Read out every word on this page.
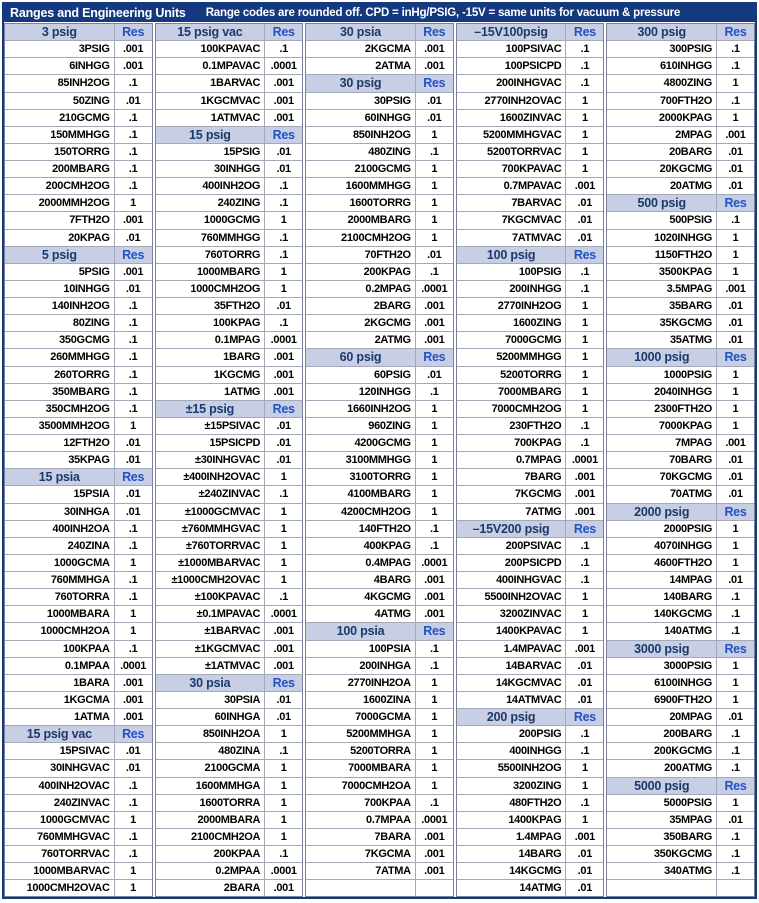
Ranges and Engineering Units Range codes are rounded off. CPD = inHg/PSIG, -15V = same units for vacuum & pressure
3 psig	Res
3PSIG	.001
6INHGG	.001
85INH2OG	.1
50ZING	.01
210GCMG	.1
150MMHGG	.1
150TORRG	.1
200MBARG	.1
200CMH2OG	.1
2000MMH2OG	1
7FTH2O	.001
20KPAG	.01
5 psig	Res
5PSIG	.001
10INHGG	.01
140INH2OG	.1
80ZING	.1
350GCMG	.1
260MMHGG	.1
260TORRG	.1
350MBARG	.1
350CMH2OG	.1
3500MMH2OG	1
12FTH2O	.01
35KPAG	.01
15 psia	Res
15PSIA	.01
30INHGA	.01
400INH2OA	.1
240ZINA	.1
1000GCMA	1
760MMHGA	.1
760TORRA	.1
1000MBARA	1
1000CMH2OA	1
100KPAA	.1
0.1MPAA .0001
1BARA	.001
1KGCMA	.001
1ATMA	.001
15 psig vac	Res
15PSIVAC	.01
30INHGVAC	.01
400INH2OVAC	.1
240ZINVAC	.1
1000GCMVAC	1
760MMHGVAC	.1
760TORRVAC	.1
1000MBARVAC	1
1000CMH2OVAC	1
15 psig vac	Res
100KPAVAC	.1
0.1MPAVAC .0001
1BARVAC	.001
1KGCMVAC	.001
1ATMVAC	.001
15 psig	Res
15PSIG	.01
30INHGG	.01
400INH2OG	.1
240ZING	.1
1000GCMG	1
760MMHGG	.1
760TORRG	.1
1000MBARG	1
1000CMH2OG	1
35FTH2O	.01
100KPAG	.1
0.1MPAG .0001
1BARG	.001
1KGCMG	.001
1ATMG	.001
±15 psig	Res
±15PSIVAC	.01
15PSICPD	.01
±30INHGVAC	.01
±400INH2OVAC	1
±240ZINVAC	.1
±1000GCMVAC	1
±760MMHGVAC	1
±760TORRVAC	1
±1000MBARVAC	1
±1000CMH2OVAC	1
±100KPAVAC	.1
±0.1MPAVAC .0001
±1BARVAC	.001
±1KGCMVAC	.001
±1ATMVAC	.001
30 psia	Res
30PSIA	.01
60INHGA	.01
850INH2OA	1
480ZINA	.1
2100GCMA	1
1600MMHGA	1
1600TORRA	1
2000MBARA	1
2100CMH2OA	1
200KPAA	.1
0.2MPAA .0001
2BARA	.001
30 psia	Res
2KGCMA	.001
2ATMA	.001
30 psig	Res
30PSIG	.01
60INHGG	.01
850INH2OG	1
480ZING	.1
2100GCMG	1
1600MMHGG	1
1600TORRG	1
2000MBARG	1
2100CMH2OG	1
70FTH2O	.01
200KPAG	.1
0.2MPAG .0001
2BARG	.001
2KGCMG	.001
2ATMG	.001
60 psig	Res
60PSIG	.01
120INHGG	.1
1660INH2OG	1
960ZING	1
4200GCMG	1
3100MMHGG	1
3100TORRG	1
4100MBARG	1
4200CMH2OG	1
140FTH2O	.1
400KPAG	.1
0.4MPAG .0001
4BARG	.001
4KGCMG	.001
4ATMG	.001
100 psia	Res
100PSIA	.1
200INHGA	.1
2770INH2OA	1
1600ZINA	1
7000GCMA	1
5200MMHGA	1
5200TORRA	1
7000MBARA	1
7000CMH2OA	1
700KPAA	.1
0.7MPAA .0001
7BARA	.001
7KGCMA	.001
7ATMA	.001
–15V100psig	Res
100PSIVAC	.1
100PSICPD	.1
200INHGVAC	.1
2770INH2OVAC	1
1600ZINVAC	1
5200MMHGVAC	1
5200TORRVAC	1
700KPAVAC	1
0.7MPAVAC	.001
7BARVAC	.01
7KGCMVAC	.01
7ATMVAC	.01
100 psig	Res
100PSIG	.1
200INHGG	.1
2770INH2OG	1
1600ZING	1
7000GCMG	1
5200MMHGG	1
5200TORRG	1
7000MBARG	1
7000CMH2OG	1
230FTH2O	.1
700KPAG	.1
0.7MPAG .0001
7BARG	.001
7KGCMG	.001
7ATMG	.001
–15V200 psig	Res
200PSIVAC	.1
200PSICPD	.1
400INHGVAC	.1
5500INH2OVAC	1
3200ZINVAC	1
1400KPAVAC	1
1.4MPAVAC	.001
14BARVAC	.01
14KGCMVAC	.01
14ATMVAC	.01
200 psig	Res
200PSIG	.1
400INHGG	.1
5500INH2OG	1
3200ZING	1
480FTH2O	.1
1400KPAG	1
1.4MPAG	.001
14BARG	.01
14KGCMG	.01
14ATMG	.01
300 psig	Res
300PSIG	.1
610INHGG	.1
4800ZING	1
700FTH2O	.1
2000KPAG	1
2MPAG	.001
20BARG	.01
20KGCMG	.01
20ATMG	.01
500 psig	Res
500PSIG	.1
1020INHGG	1
1150FTH2O	1
3500KPAG	1
3.5MPAG	.001
35BARG	.01
35KGCMG	.01
35ATMG	.01
1000 psig	Res
1000PSIG	1
2040INHGG	1
2300FTH2O	1
7000KPAG	1
7MPAG	.001
70BARG	.01
70KGCMG	.01
70ATMG	.01
2000 psig	Res
2000PSIG	1
4070INHGG	1
4600FTH2O	1
14MPAG	.01
140BARG	.1
140KGCMG	.1
140ATMG	.1
3000 psig	Res
3000PSIG	1
6100INHGG	1
6900FTH2O	1
20MPAG	.01
200BARG	.1
200KGCMG	.1
200ATMG	.1
5000 psig	Res
5000PSIG	1
35MPAG	.01
350BARG	.1
350KGCMG	.1
340ATMG	.1
